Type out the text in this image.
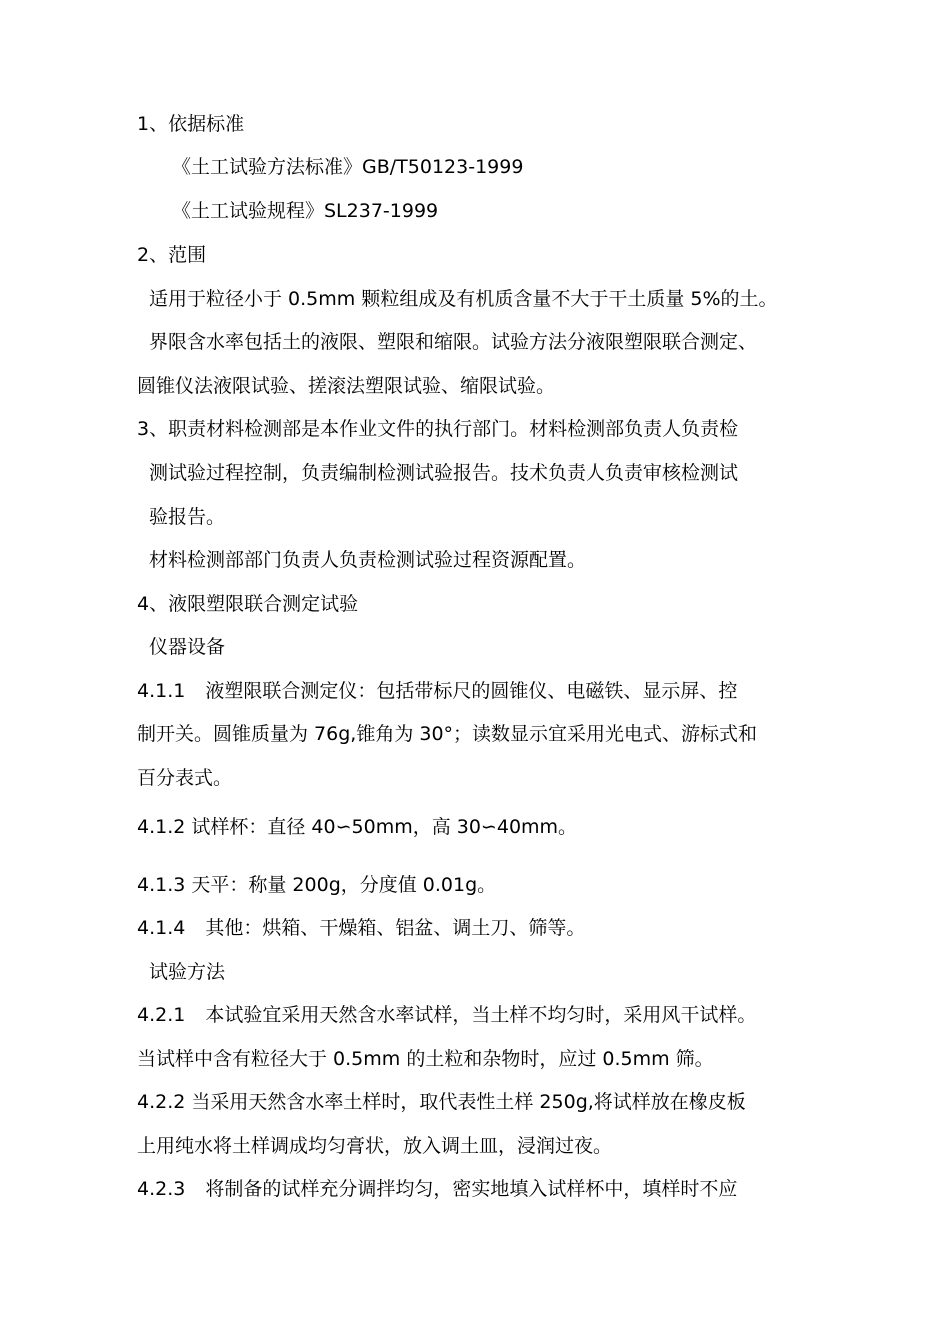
1、依据标准

《土工试验方法标准》GB/T50123-1999

《土工试验规程》SL237-1999

2、范围

适用于粒径小于 0.5mm 颗粒组成及有机质含量不大于干土质量 5%的土。

界限含水率包括土的液限、塑限和缩限。试验方法分液限塑限联合测定、

圆锥仪法液限试验、搓滚法塑限试验、缩限试验。

3、职责材料检测部是本作业文件的执行部门。材料检测部负责人负责检

测试验过程控制，负责编制检测试验报告。技术负责人负责审核检测试

验报告。

材料检测部部门负责人负责检测试验过程资源配置。

4、液限塑限联合测定试验

仪器设备

4.1.1 液塑限联合测定仪：包括带标尺的圆锥仪、电磁铁、显示屏、控

制开关。圆锥质量为 76g,锥角为 30°；读数显示宜采用光电式、游标式和

百分表式。

4.1.2 试样杯：直径 40∽50mm，高 30∽40mm。

4.1.3 天平：称量 200g，分度值 0.01g。

4.1.4 其他：烘箱、干燥箱、铝盆、调土刀、筛等。

试验方法

4.2.1 本试验宜采用天然含水率试样，当土样不均匀时，采用风干试样。

当试样中含有粒径大于 0.5mm 的土粒和杂物时，应过 0.5mm 筛。

4.2.2 当采用天然含水率土样时，取代表性土样 250g,将试样放在橡皮板

上用纯水将土样调成均匀膏状，放入调土皿，浸润过夜。

4.2.3 将制备的试样充分调拌均匀，密实地填入试样杯中，填样时不应
